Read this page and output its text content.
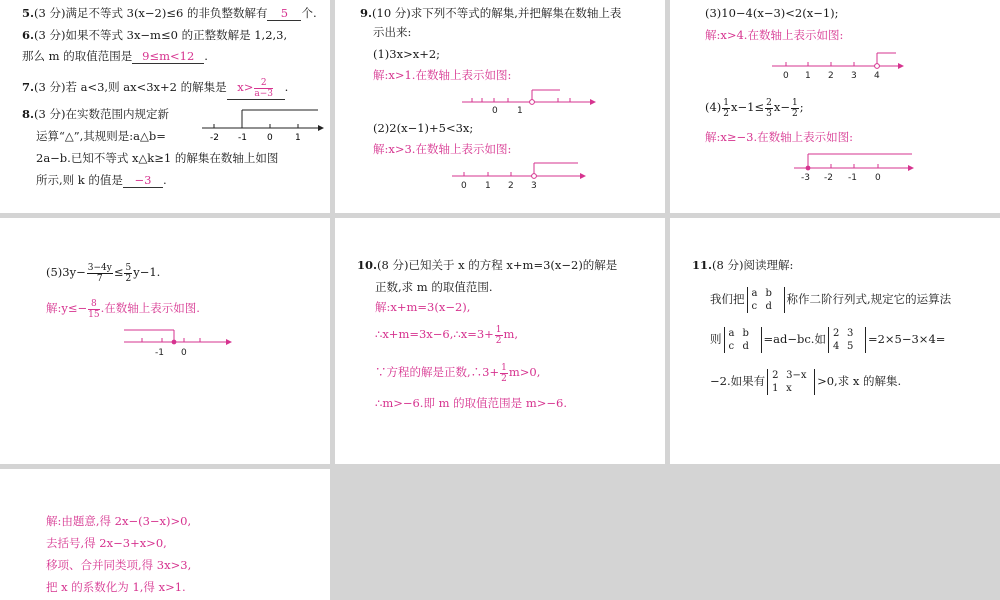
5.(3 分)满足不等式 3(x−2)≤6 的非负整数解有 5 个.
6.(3 分)如果不等式 3x−m≤0 的正整数解是 1,2,3,
那么 m 的取值范围是 9≤m<12 .
7.(3 分)若 a<3,则 ax<3x+2 的解集是 $x> \frac{2}{a-3}$ .
8.(3 分)在实数范围内规定新
运算“△”,其规则是:a△b=
2a−b.已知不等式 x△k≥1 的解集在数轴上如图
所示,则 k 的值是 −3 .
-2 -1 0 1
9.(10 分)求下列不等式的解集,并把解集在数轴上表
示出来:
(1)3x>x+2;
解:x>1.在数轴上表示如图:
0 1
(2)2(x−1)+5<3x;
解:x>3.在数轴上表示如图:
0 1 2 3
(3)10−4(x−3)<2(x−1);
解:x>4.在数轴上表示如图:
0 1 2 3 4
$(4) \frac{1}{2} x-1\le \frac{2}{3} x- \frac{1}{2}$ ;
解:x≥−3.在数轴上表示如图:
-3 -2 -1 0
$(5)3y- \frac{3-4y}{7} \le \frac{5}{2} y-1$.
解:y≤− $\frac{8}{15}$ .在数轴上表示如图.
-1 0
10.(8 分)已知关于 x 的方程 x+m=3(x−2)的解是
正数,求 m 的取值范围.
解:x+m=3(x−2),
∴x+m=3x−6,∴x=3+ $\frac{1}{2} m$,
∵方程的解是正数,∴3+ $\frac{1}{2} m>0$,
∴m>−6.即 m 的取值范围是 m>−6.
11.(8 分)阅读理解:
我们把 a b
c d
称作二阶行列式,规定它的运算法
则 a b
c d
=ad−bc.如 2 3
4 5
=2×5−3×4=
−2.如果有 2 3−x
1 x
>0,求 x 的解集.
解:由题意,得 2x−(3−x)>0,
去括号,得 2x−3+x>0,
移项、合并同类项,得 3x>3,
把 x 的系数化为 1,得 x>1.
